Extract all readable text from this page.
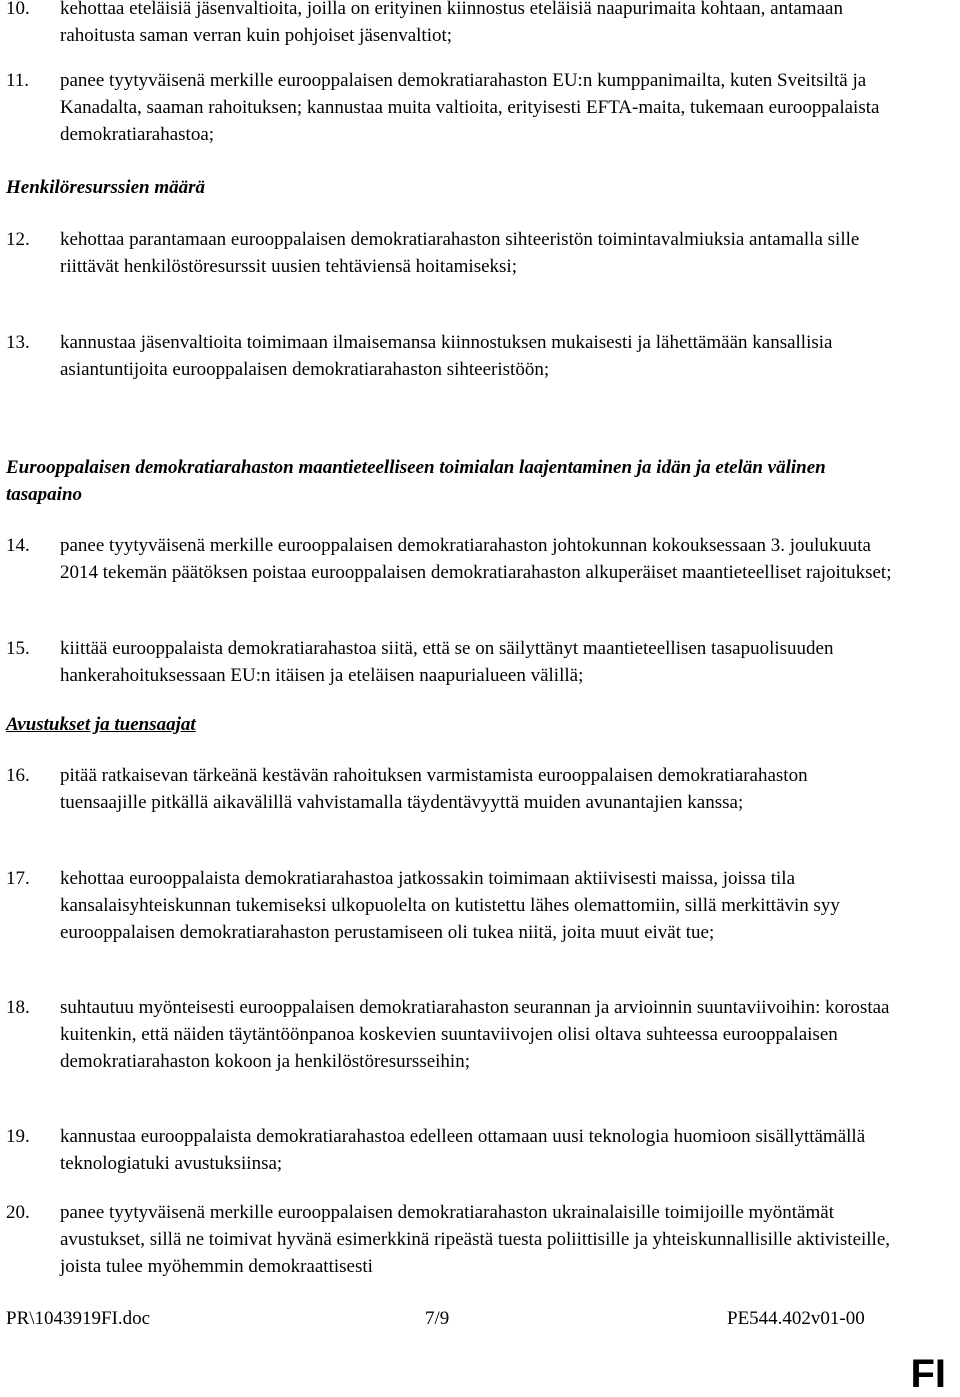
10. kehottaa eteläisiä jäsenvaltioita, joilla on erityinen kiinnostus eteläisiä naapurimaita kohtaan, antamaan rahoitusta saman verran kuin pohjoiset jäsenvaltiot;
11. panee tyytyväisenä merkille eurooppalaisen demokratiarahaston EU:n kumppanimailta, kuten Sveitsiltä ja Kanadalta, saaman rahoituksen; kannustaa muita valtioita, erityisesti EFTA-maita, tukemaan eurooppalaista demokratiarahastoa;
Henkilöresurssien määrä
12. kehottaa parantamaan eurooppalaisen demokratiarahaston sihteeristön toimintavalmiuksia antamalla sille riittävät henkilöstöresurssit uusien tehtäviensä hoitamiseksi;
13. kannustaa jäsenvaltioita toimimaan ilmaisemansa kiinnostuksen mukaisesti ja lähettämään kansallisia asiantuntijoita eurooppalaisen demokratiarahaston sihteeristöön;
Eurooppalaisen demokratiarahaston maantieteelliseen toimialan laajentaminen ja idän ja etelän välinen tasapaino
14. panee tyytyväisenä merkille eurooppalaisen demokratiarahaston johtokunnan kokouksessaan 3. joulukuuta 2014 tekemän päätöksen poistaa eurooppalaisen demokratiarahaston alkuperäiset maantieteelliset rajoitukset;
15. kiittää eurooppalaista demokratiarahastoa siitä, että se on säilyttänyt maantieteellisen tasapuolisuuden hankerahoituksessaan EU:n itäisen ja eteläisen naapurialueen välillä;
Avustukset ja tuensaajat
16. pitää ratkaisevan tärkeänä kestävän rahoituksen varmistamista eurooppalaisen demokratiarahaston tuensaajille pitkällä aikavälillä vahvistamalla täydentävyyttä muiden avunantajien kanssa;
17. kehottaa eurooppalaista demokratiarahastoa jatkossakin toimimaan aktiivisesti maissa, joissa tila kansalaisyhteiskunnan tukemiseksi ulkopuolelta on kutistettu lähes olemattomiin, sillä merkittävin syy eurooppalaisen demokratiarahaston perustamiseen oli tukea niitä, joita muut eivät tue;
18. suhtautuu myönteisesti eurooppalaisen demokratiarahaston seurannan ja arvioinnin suuntaviivoihin: korostaa kuitenkin, että näiden täytäntöönpanoa koskevien suuntaviivojen olisi oltava suhteessa eurooppalaisen demokratiarahaston kokoon ja henkilöstöresursseihin;
19. kannustaa eurooppalaista demokratiarahastoa edelleen ottamaan uusi teknologia huomioon sisällyttämällä teknologiatuki avustuksiinsa;
20. panee tyytyväisenä merkille eurooppalaisen demokratiarahaston ukrainalaisille toimijoille myöntämät avustukset, sillä ne toimivat hyvänä esimerkkinä ripeästä tuesta poliittisille ja yhteiskunnallisille aktivisteille, joista tulee myöhemmin demokraattisesti
PR\1043919FI.doc	7/9	PE544.402v01-00
FI
